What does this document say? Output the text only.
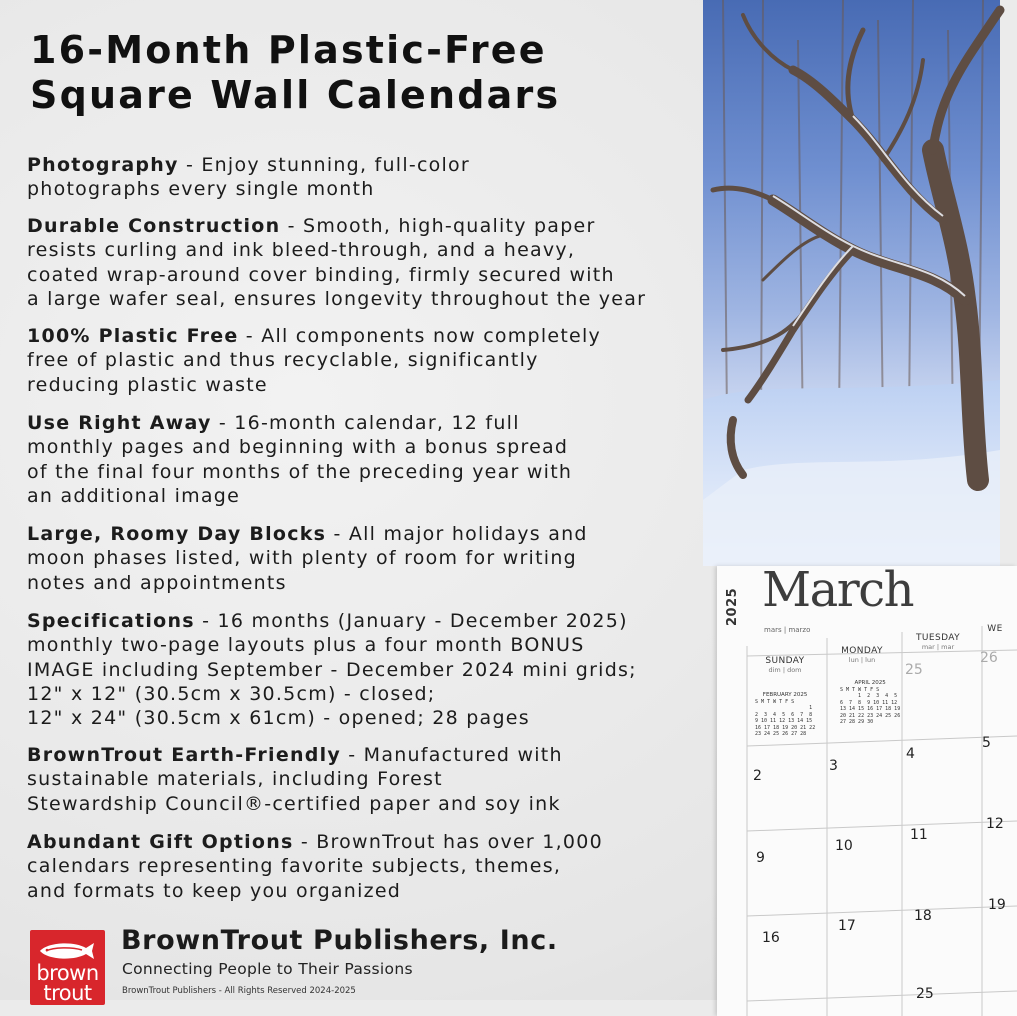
16-Month Plastic-Free
Square Wall Calendars

Photography - Enjoy stunning, full-color
photographs every single month

Durable Construction - Smooth, high-quality paper
resists curling and ink bleed-through, and a heavy,
coated wrap-around cover binding, firmly secured with
a large wafer seal, ensures longevity throughout the year

100% Plastic Free - All components now completely
free of plastic and thus recyclable, significantly
reducing plastic waste

Use Right Away - 16-month calendar, 12 full
monthly pages and beginning with a bonus spread
of the final four months of the preceding year with
an additional image

Large, Roomy Day Blocks - All major holidays and
moon phases listed, with plenty of room for writing
notes and appointments

Specifications - 16 months (January - December 2025)
monthly two-page layouts plus a four month BONUS
IMAGE including September - December 2024 mini grids;
12" x 12" (30.5cm x 30.5cm) - closed;
12" x 24" (30.5cm x 61cm) - opened; 28 pages

BrownTrout Earth-Friendly - Manufactured with
sustainable materials, including Forest
Stewardship Council®-certified paper and soy ink

Abundant Gift Options - BrownTrout has over 1,000
calendars representing favorite subjects, themes,
and formats to keep you organized

brown
trout

BrownTrout Publishers, Inc.

Connecting People to Their Passions

BrownTrout Publishers - All Rights Reserved 2024-2025

2025 March

mars | marzo

SUNDAY
dim | dom
MONDAY
lun | lun
TUESDAY
mar | mar
WE
FEBRUARY 2025
S M T W T F S
1
2  3  4  5  6  7  8
9 10 11 12 13 14 15
16 17 18 19 20 21 22
23 24 25 26 27 28
APRIL 2025
S M T W T F S
1  2  3  4  5
6  7  8  9 10 11 12
13 14 15 16 17 18 19
20 21 22 23 24 25 26
27 28 29 30
25
26
2
3
4
5
9
10
11
12
16
17
18
19
25
